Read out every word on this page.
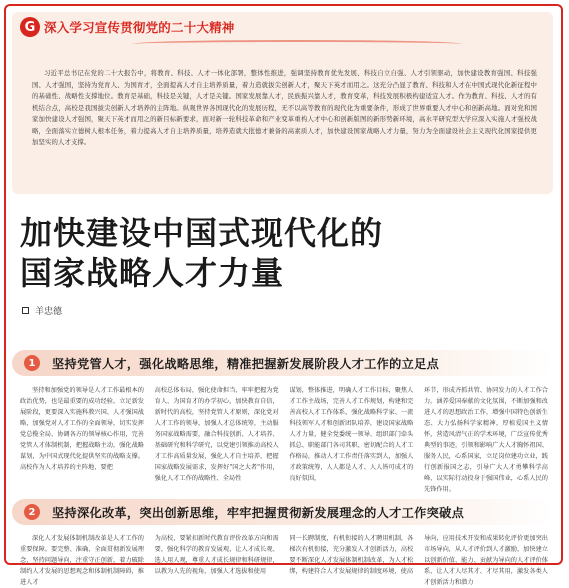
G 深入学习宣传贯彻党的二十大精神
习近平总书记在党的二十大报告中，将教育、科技、人才一体化部署，整体性推进，强调坚持教育优先发展、科技自立自强、人才引领驱动，加快建设教育强国、科技强国、人才强国，坚持为党育人、为国育才，全面提高人才自主培养质量，着力造就拔尖创新人才，聚天下英才而用之。这充分凸显了教育、科技和人才在中国式现代化新征程中的基础性、战略性支撑地位。教育是基础，科技是关键，人才是关键。国家发展靠人才，民族振兴靠人才，教育变革，科技发展积极构建适宜人才。作为教育、科技、人才的有机结合点，高校是我国拔尖创新人才培养的主阵地。纵观世界各国现代化的发展历程，无不以高等教育的现代化为重要条件，形成了世界重要人才中心和创新高地。面对党和国家加快建设人才强国，聚天下英才而用之的新目标新要求，面对新一轮科技革命和产业变革重构人才中心和创新版图的新形势新环境，高水平研究型大学应深入实施人才强校战略，全面落实立德树人根本任务，着力提高人才自主培养质量，培养造就大批德才兼备的高素质人才，加快建设国家战略人才力量，努力为全面建设社会主义现代化国家提供更加坚实的人才支撑。
加快建设中国式现代化的
国家战略人才力量
羊忠德
1	坚持党管人才，强化战略思维，精准把握新发展阶段人才工作的立足点
坚持和加强党的领导是人才工作最根本的政治优势，也是最重要的成功经验。立足新发展阶段，更要深入实施科教兴国、人才强国战略，加强党对人才工作的全面领导，切实发挥党总揽全局、协调各方的领导核心作用，完善党管人才体制机制，把握战略主动，强化战略谋划，为中国式现代化提供坚实的战略支撑。高校作为人才培养的主阵地，要把
高校总体布局，强化使命担当，牢牢把握为党育人、为国育才的办学初心，加快教育自信，新时代的高校，坚持党管人才原则，深化党对人才工作的领导，加强人才总体统筹，主动服务国家战略需要，融合科技创新、人才培养、基础研究和科学研究，以党建引领推动高校人才工作高质量发展，强化人才自主培养，把握国家战略发展需求，发挥好"国之大者"作用，强化人才工作的战略性、全局性
谋划，整体推进，明确人才工作目标，聚焦人才工作主战场，完善人才工作规划，构建和完善高校人才工作体系，强化战略科学家、一流科技领军人才和创新团队培养，建设国家战略人才力量，健全党委统一领导、组织部门牵头抓总、职能部门各司其职、密切配合的人才工作格局，推动人才工作责任落实到人，加强人才政策统筹，人人都是人才、人人皆可成才的良好氛围，
环节，形成齐抓共管、协同发力的人才工作合力。涵养爱国奉献的文化氛围，不断加强和改进人才的思想政治工作，增强中国特色创新生态、大力弘扬科学家精神，厚植爱国主义情怀，营造风清气正的学术环境，广泛宣传优秀典型的事迹，引领和影响广大人才胸怀祖国、服务人民，心系国家，立足岗位建功立业，践行创新报国之志，引导广大人才勇攀科学高峰，以实际行动投身于强国伟业，心系人民的先锋作用。
2	坚持深化改革，突出创新思维，牢牢把握贯彻新发展理念的人才工作突破点
深化人才发展体制机制改革是人才工作的重要保障。要完整、准确、全面贯彻新发展理念，坚持问题导向，注重守正创新，着力破除制约人才发展的思想观念和体制机制障碍，推进人才
为高校，要紧扣新时代教育评价改革方向和需要，强化科学的教育发展观，让人才成长观、选人用人观，尊重人才成长规律和科研规律，以教为人先的视角，加强人才选拔和使用
同一长聘制度，有机衔接的人才聘用机制，各梯次有机衔接，充分激发人才创新活力，高校要不断深化人才发展体制机制改革，为人才松绑，构建符合人才发展规律的制度环境，使高
导向，应用技术开发和成果转化评价更加突出市场导向，从人才评价到人才激励，加快建立以创新价值、能力、贡献为导向的人才评价体系，让人才人尽其才、才尽其用，激发各类人才创新活力和潜力
